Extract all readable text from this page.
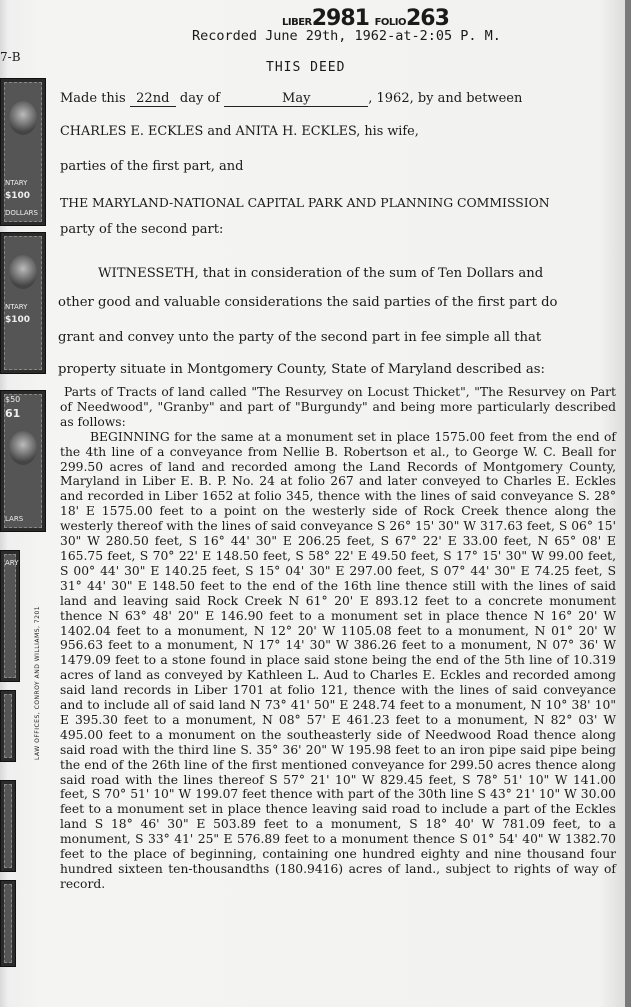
7-B
NTARY
$100
DOLLARS
NTARY
$100
$50
61
LARS
ARY
LAW OFFICES, CONROY AND WILLIAMS, 7201
LIBER2981 FOLIO263
Recorded June 29th, 1962-at-2:05 P. M.
THIS DEED
Made this 22nd day of	May	, 1962, by and between
CHARLES E. ECKLES and ANITA H. ECKLES, his wife,
parties of the first part, and
THE MARYLAND-NATIONAL CAPITAL PARK AND PLANNING COMMISSION
party of the second part:
WITNESSETH, that in consideration of the sum of Ten Dollars and
other good and valuable considerations the said parties of the first part do
grant and convey unto the party of the second part in fee simple all that
property situate in Montgomery County, State of Maryland described as:

Parts of Tracts of land called "The Resurvey on Locust Thicket", "The Resurvey on Part of Needwood", "Granby" and part of "Burgundy" and being more particularly described as follows:

BEGINNING for the same at a monument set in place 1575.00 feet from the end of the 4th line of a conveyance from Nellie B. Robertson et al., to George W. C. Beall for 299.50 acres of land and recorded among the Land Records of Montgomery County, Maryland in Liber E. B. P. No. 24 at folio 267 and later conveyed to Charles E. Eckles and recorded in Liber 1652 at folio 345, thence with the lines of said conveyance S. 28° 18' E 1575.00 feet to a point on the westerly side of Rock Creek thence along the westerly thereof with the lines of said conveyance S 26° 15' 30" W 317.63 feet, S 06° 15' 30" W 280.50 feet, S 16° 44' 30" E 206.25 feet, S 67° 22' E 33.00 feet, N 65° 08' E 165.75 feet, S 70° 22' E 148.50 feet, S 58° 22' E 49.50 feet, S 17° 15' 30" W 99.00 feet, S 00° 44' 30" E 140.25 feet, S 15° 04' 30" E 297.00 feet, S 07° 44' 30" E 74.25 feet, S 31° 44' 30" E 148.50 feet to the end of the 16th line thence still with the lines of said land and leaving said Rock Creek N 61° 20' E 893.12 feet to a concrete monument thence N 63° 48' 20" E 146.90 feet to a monument set in place thence N 16° 20' W 1402.04 feet to a monument, N 12° 20' W 1105.08 feet to a monument, N 01° 20' W 956.63 feet to a monument, N 17° 14' 30" W 386.26 feet to a monument, N 07° 36' W 1479.09 feet to a stone found in place said stone being the end of the 5th line of 10.319 acres of land as conveyed by Kathleen L. Aud to Charles E. Eckles and recorded among said land records in Liber 1701 at folio 121, thence with the lines of said conveyance and to include all of said land N 73° 41' 50" E 248.74 feet to a monument, N 10° 38' 10" E 395.30 feet to a monument, N 08° 57' E 461.23 feet to a monument, N 82° 03' W 495.00 feet to a monument on the southeasterly side of Needwood Road thence along said road with the third line S. 35° 36' 20" W 195.98 feet to an iron pipe said pipe being the end of the 26th line of the first mentioned conveyance for 299.50 acres thence along said road with the lines thereof S 57° 21' 10" W 829.45 feet, S 78° 51' 10" W 141.00 feet, S 70° 51' 10" W 199.07 feet thence with part of the 30th line S 43° 21' 10" W 30.00 feet to a monument set in place thence leaving said road to include a part of the Eckles land S 18° 46' 30" E 503.89 feet to a monument, S 18° 40' W 781.09 feet, to a monument, S 33° 41' 25" E 576.89 feet to a monument thence S 01° 54' 40" W 1382.70 feet to the place of beginning, containing one hundred eighty and nine thousand four hundred sixteen ten-thousandths (180.9416) acres of land., subject to rights of way of record.
